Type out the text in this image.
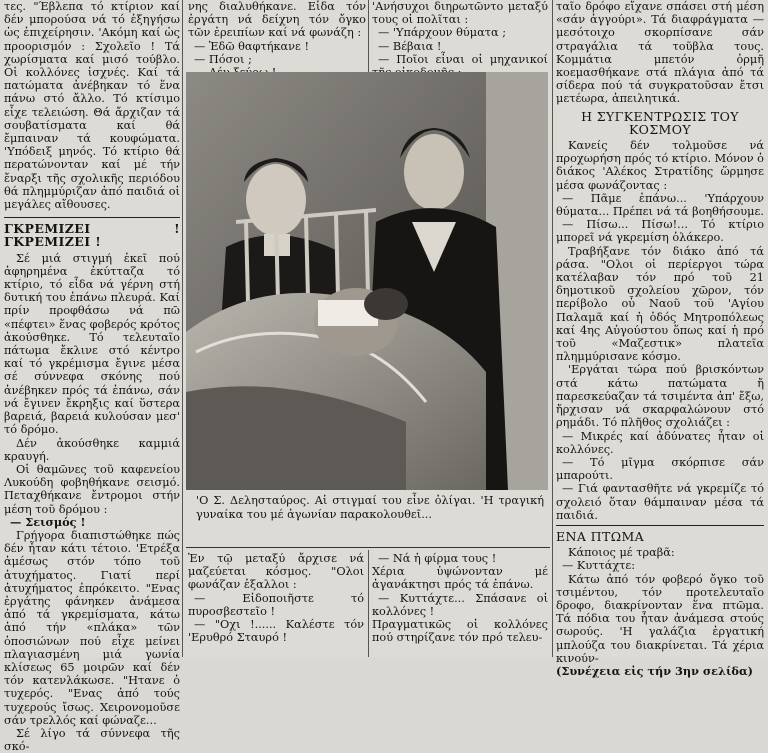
τες. "Έβλεπα τό κτίριον καί δέν μπορούσα νά τό ἐξηγήσω ὡς ἐπιχείρησιν. 'Ακόμη καί ὡς προορισμόν : Σχολεῖο ! Τά χωρίσματα καί μισό τούβλο. Οἱ κολλόνες ἰσχνές. Καί τά πατώματα ἀνέβηκαν τό ἕνα πάνω στό ἄλλο. Τό κτίσιμο εἶχε τελειώση. Θά ἄρχιζαν τά σουβατίσματα καί θά ἔμπαιναν τά κουφώματα. 'Υπόδειξ μηνός. Τό κτίριο θά περατώνονταν καί μέ τήν ἔναρξι τῆς σχολικῆς περιόδου θά πλημμύριζαν ἀπό παιδιά οἱ μεγάλες αἴθουσες.

ΓΚΡΕΜΙΖΕΙ ! ΓΚΡΕΜΙΖΕΙ !

Σέ μιά στιγμή ἐκεῖ πού ἀφηρημένα ἐκύτταζα τό κτίριο, τό εἶδα νά γέρνη στή δυτική του ἐπάνω πλευρά. Καί πρίν προφθάσω νά πῶ «πέφτει» ἕνας φοβερός κρότος ἀκούσθηκε. Τό τελευταῖο πάτωμα ἔκλινε στό κέντρο καί τό γκρέμισμα ἔγινε μέσα σέ σύννεφα σκόνης πού ἀνέβηκεν πρός τά ἐπάνω, σάν νά ἔγινεν ἔκρηξις καί ὕστερα βαρειά, βαρειά κυλούσαν μεσ' τό δρόμο.

Δέν ἀκούσθηκε καμμιά κραυγή.

Οἱ θαμῶνες τοῦ καφενείου Λυκούδη φοβηθήκανε σεισμό. Πεταχθήκανε ἔντρομοι στήν μέση τοῦ δρόμου :

— Σεισμός !

Γρήγορα διαπιστώθηκε πώς δέν ἦταν κάτι τέτοιο. 'Ετρέξα ἀμέσως στόν τόπο τοῦ ἀτυχήματος. Γιατί περί ἀτυχήματος ἐπρόκειτο. "Ενας ἐργάτης φάνηκεν ἀνάμεσα ἀπό τά γκρεμίσματα, κάτω ἀπό τήν «πλάκα» τῶν ὁποσιώνων πού εἶχε μείνει πλαγιασμένη μιά γωνία κλίσεως 65 μοιρῶν καί δέν τόν κατενλάκωσε. "Ητανε ὁ τυχερός. "Ενας ἀπό τούς τυχερούς ἴσως. Χειρονομοῦσε σάν τρελλός καί φώναζε...

Σέ λίγο τά σύννεφα τῆς σκό-

νης διαλυθήκανε. Εἶδα τόν ἐργάτη νά δείχνη τόν ὄγκο τῶν ἐρειπίων καί νά φωνάζη :

— Ἐδῶ θαφτήκανε !

— Πόσοι ;

'Ανήσυχοι διηρωτῶντο μεταξύ τους οἱ πολῖται :

— 'Υπάρχουν θύματα ;

— Βέβαια !

— Ποῖοι εἶναι οἱ μηχανικοί

'Ο Σ. Δελησταύρος. Αἱ στιγμαί του εἶνε ὀλίγαι. 'Η τραγική γυναίκα του μέ ἀγωνίαν παρακολουθεῖ...

Ἐν τῷ μεταξύ ἄρχισε νά μαζεύεται κόσμος. "Ολοι φωνάζαν ἐξαλλοι :

— Εἰδοποιῆστε τό πυροσβεστεῖο !

— "Οχι !...... Καλέστε τόν 'Ερυθρό Σταυρό !

— Νά ἡ φίρμα τους !

Χέρια ὑψώνονταν μέ ἀγανάκτησι πρός τά ἐπάνω.

— Κυττάχτε... Σπάσανε οἱ κολλόνες !

Πραγματικῶς οἱ κολλόνες πού στηρίζανε τόν πρό τελευ-

ταῖο δρόφο εἴχανε σπάσει στή μέση «σάν ἀγγούρι». Τά διαφράγματα — μεσότοιχο σκορπίσανε σάν στραγάλια τά τοῦβλα τους. Κομμάτια μπετόν ὁρμῆ κοεμασθήκανε στά πλάγια ἀπό τά σίδερα πού τά συγκρατοῦσαν ἔτσι μετέωρα, ἀπειλητικά.

Η ΣΥΓΚΕΝΤΡΩΣΙΣ ΤΟΥ ΚΟΣΜΟΥ

Κανείς δέν τολμοῦσε νά προχωρήση πρός τό κτίριο. Μόνον ὁ διάκος 'Αλέκος Στρατίδης ὥρμησε μέσα φωνάζοντας :

— Πᾶμε ἐπάνω... 'Υπάρχουν θύματα... Πρέπει νά τά βοηθήσουμε.

— Πίσω... Πίσω!... Τό κτίριο μπορεῖ νά γκρεμίση ὁλάκερο.

Τραβήξανε τόν διάκο ἀπό τά ράσα. "Ολοι οἱ περίεργοι τώρα κατέλαβαν τόν πρό τοῦ 21 δημοτικοῦ σχολείου χῶρον, τόν περίβολο οὗ Ναοῦ τοῦ 'Αγίου Παλαμᾶ καί ἡ ὁδός Μητροπόλεως καί 4ης Αὐγούστου ὅπως καί ἡ πρό τοῦ «Μαζεστικ» πλατεῖα πλημμύρισανε κόσμο.

'Εργάται τώρα πού βρισκόντων στά κάτω πατώματα ἤ παρεσκεύαζαν τά τσιμέντα ἀπ' ἔξω, ἤρχισαν νά σκαρφαλώνουν στό ρημάδι. Τό πλῆθος σχολιάζει :

— Μικρές καί ἀδύνατες ἦταν οἱ κολλόνες.

— Τό μῖγμα σκόρπισε σάν μπαρούτι.

— Γιά φαντασθῆτε νά γκρεμίζε τό σχολειό ὅταν θάμπαιναν μέσα τά παιδιά.

ΕΝΑ ΠΤΩΜΑ

Κάποιος μέ τραβᾶ:

— Κυττάχτε:

Κάτω ἀπό τόν φοβερό ὄγκο τοῦ τσιμέντου, τόν προτελευταῖο δροφο, διακρίνονταν ἕνα πτῶμα. Τά πόδια του ἦταν ἀνάμεσα στούς σωρούς. 'Η γαλάζια ἐργατική μπλούζα του διακρίνεται. Τά χέρια κινούν-

(Συνέχεια εἰς τήν 3ην σελίδα)
